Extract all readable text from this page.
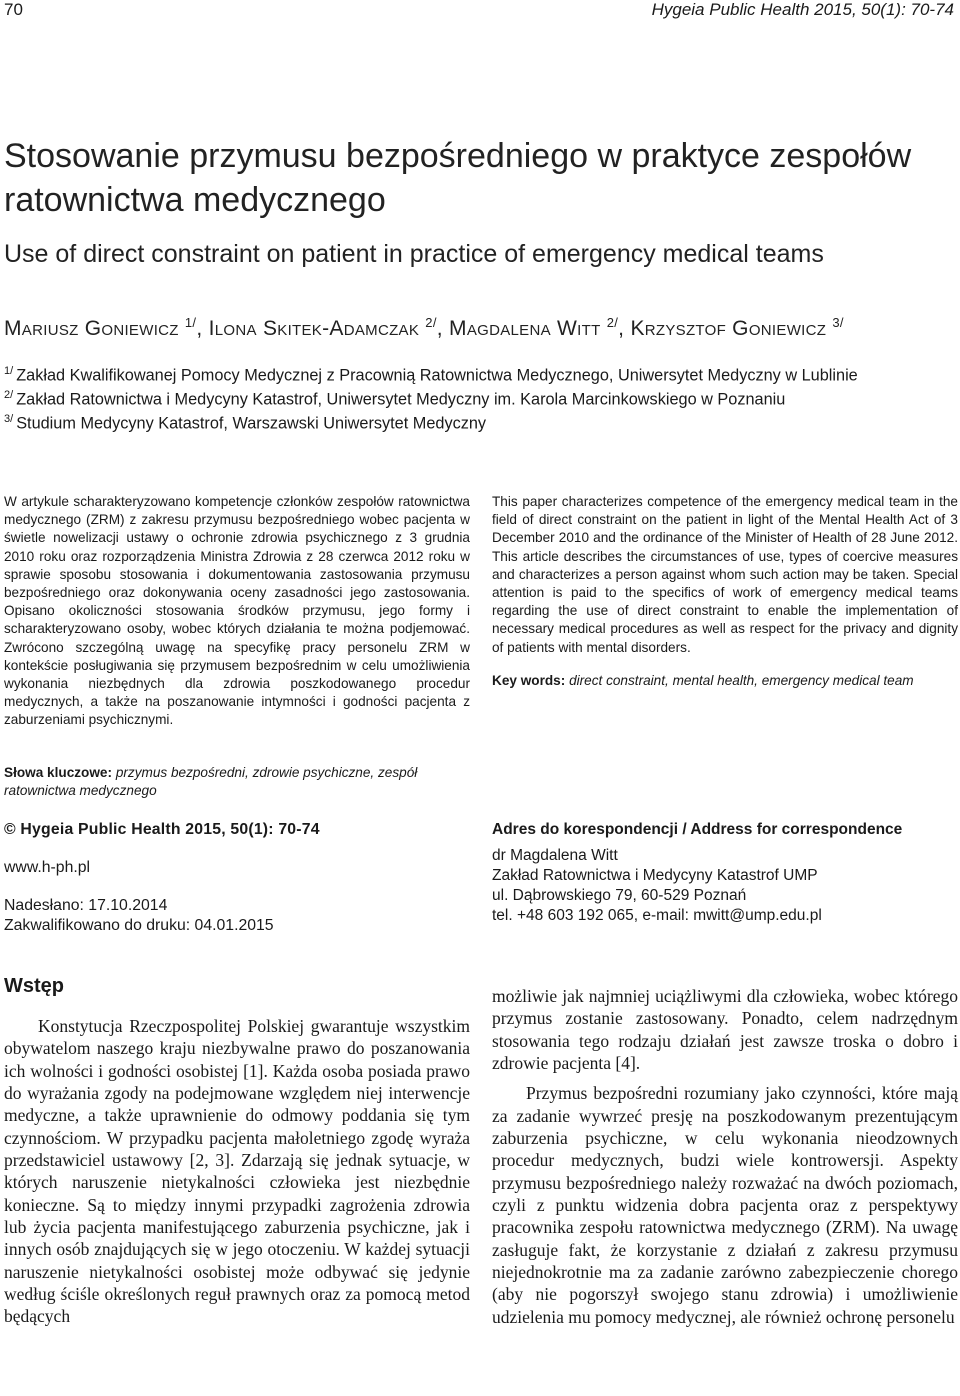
70	Hygeia Public Health 2015, 50(1): 70-74
Stosowanie przymusu bezpośredniego w praktyce zespołów ratownictwa medycznego
Use of direct constraint on patient in practice of emergency medical teams
Mariusz Goniewicz $^{1/}$, Ilona Skitek-Adamczak $^{2/}$, Magdalena Witt $^{2/}$, Krzysztof Goniewicz $^{3/}$
$^{1/}$ Zakład Kwalifikowanej Pomocy Medycznej z Pracownią Ratownictwa Medycznego, Uniwersytet Medyczny w Lublinie
$^{2/}$ Zakład Ratownictwa i Medycyny Katastrof, Uniwersytet Medyczny im. Karola Marcinkowskiego w Poznaniu
$^{3/}$ Studium Medycyny Katastrof, Warszawski Uniwersytet Medyczny
W artykule scharakteryzowano kompetencje członków zespołów ratownictwa medycznego (ZRM) z zakresu przymusu bezpośredniego wobec pacjenta w świetle nowelizacji ustawy o ochronie zdrowia psychicznego z 3 grudnia 2010 roku oraz rozporządzenia Ministra Zdrowia z 28 czerwca 2012 roku w sprawie sposobu stosowania i dokumentowania zastosowania przymusu bezpośredniego oraz dokonywania oceny zasadności jego zastosowania. Opisano okoliczności stosowania środków przymusu, jego formy i scharakteryzowano osoby, wobec których działania te można podjemować. Zwrócono szczególną uwagę na specyfikę pracy personelu ZRM w kontekście posługiwania się przymusem bezpośrednim w celu umożliwienia wykonania niezbędnych dla zdrowia poszkodowanego procedur medycznych, a także na poszanowanie intymności i godności pacjenta z zaburzeniami psychicznymi.
Słowa kluczowe: przymus bezpośredni, zdrowie psychiczne, zespół ratownictwa medycznego
This paper characterizes competence of the emergency medical team in the field of direct constraint on the patient in light of the Mental Health Act of 3 December 2010 and the ordinance of the Minister of Health of 28 June 2012. This article describes the circumstances of use, types of coercive measures and characterizes a person against whom such action may be taken. Special attention is paid to the specifics of work of emergency medical teams regarding the use of direct constraint to enable the implementation of necessary medical procedures as well as respect for the privacy and dignity of patients with mental disorders.
Key words: direct constraint, mental health, emergency medical team
© Hygeia Public Health 2015, 50(1): 70-74
www.h-ph.pl
Nadesłano: 17.10.2014
Zakwalifikowano do druku: 04.01.2015
Adres do korespondencji / Address for correspondence
dr Magdalena Witt
Zakład Ratownictwa i Medycyny Katastrof UMP
ul. Dąbrowskiego 79, 60-529 Poznań
tel. +48 603 192 065, e-mail: mwitt@ump.edu.pl
Wstęp

Konstytucja Rzeczpospolitej Polskiej gwarantuje wszystkim obywatelom naszego kraju niezbywalne prawo do poszanowania ich wolności i godności osobistej [1]. Każda osoba posiada prawo do wyrażania zgody na podejmowane względem niej interwencje medyczne, a także uprawnienie do odmowy poddania się tym czynnościom. W przypadku pacjenta małoletniego zgodę wyraża przedstawiciel ustawowy [2, 3]. Zdarzają się jednak sytuacje, w których naruszenie nietykalności człowieka jest niezbędnie konieczne. Są to między innymi przypadki zagrożenia zdrowia lub życia pacjenta manifestującego zaburzenia psychiczne, jak i innych osób znajdujących się w jego otoczeniu. W każdej sytuacji naruszenie nietykalności osobistej może odbywać się jedynie według ściśle określonych reguł prawnych oraz za pomocą metod będących

możliwie jak najmniej uciążliwymi dla człowieka, wobec którego przymus zostanie zastosowany. Ponadto, celem nadrzędnym stosowania tego rodzaju działań jest zawsze troska o dobro i zdrowie pacjenta [4].

Przymus bezpośredni rozumiany jako czynności, które mają za zadanie wywrzeć presję na poszkodowanym prezentującym zaburzenia psychiczne, w celu wykonania nieodzownych procedur medycznych, budzi wiele kontrowersji. Aspekty przymusu bezpośredniego należy rozważać na dwóch poziomach, czyli z punktu widzenia dobra pacjenta oraz z perspektywy pracownika zespołu ratownictwa medycznego (ZRM). Na uwagę zasługuje fakt, że korzystanie z działań z zakresu przymusu niejednokrotnie ma za zadanie zarówno zabezpieczenie chorego (aby nie pogorszył swojego stanu zdrowia) i umożliwienie udzielenia mu pomocy medycznej, ale również ochronę personelu
